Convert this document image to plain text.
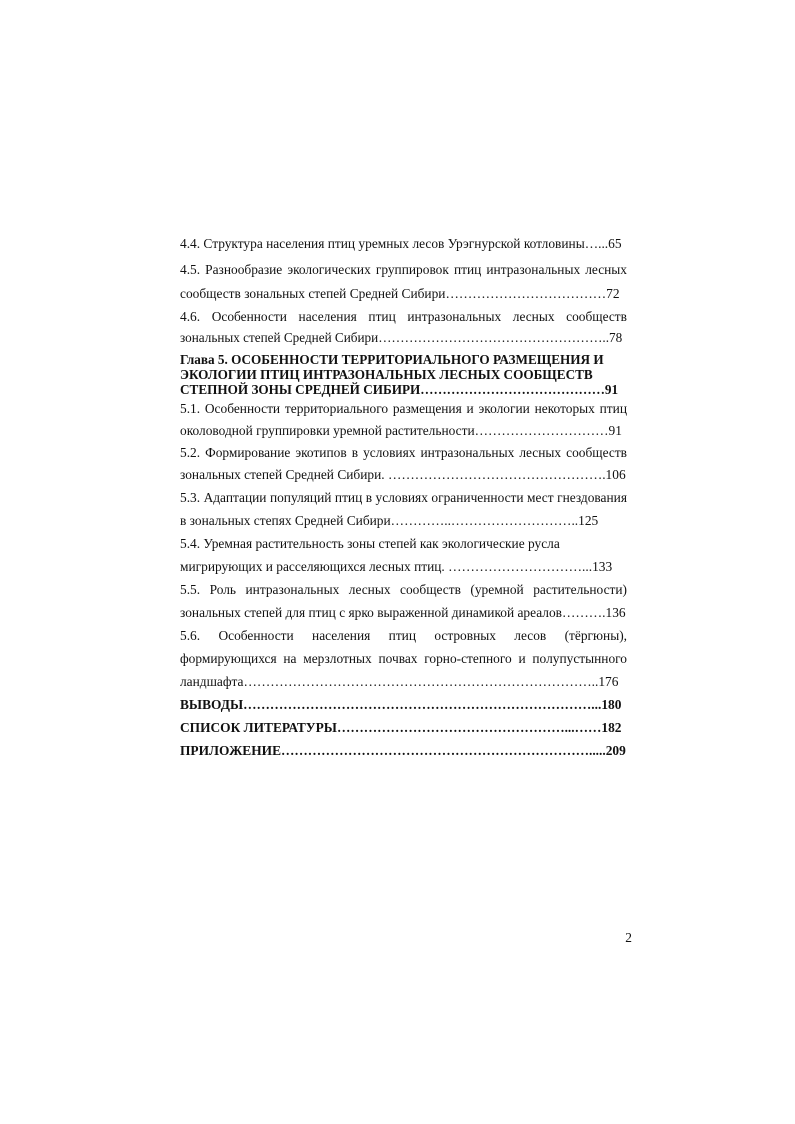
4.4. Структура населения птиц уремных лесов Урэгнурской котловины…...65
4.5. Разнообразие экологических группировок птиц интразональных лесных
сообществ зональных степей Средней Сибири………………………………72
4.6. Особенности населения птиц интразональных лесных сообществ
зональных степей Средней Сибири……………………………………………..78
Глава 5. ОСОБЕННОСТИ ТЕРРИТОРИАЛЬНОГО РАЗМЕЩЕНИЯ И
ЭКОЛОГИИ ПТИЦ ИНТРАЗОНАЛЬНЫХ ЛЕСНЫХ СООБЩЕСТВ
СТЕПНОЙ ЗОНЫ СРЕДНЕЙ СИБИРИ……………………………………91
5.1. Особенности территориального размещения и экологии некоторых птиц
околоводной группировки уремной растительности…………………………91
5.2. Формирование экотипов в условиях интразональных лесных сообществ
зональных степей Средней Сибири. ………………………………………….106
5.3. Адаптации популяций птиц в условиях ограниченности мест гнездования
в зональных степях Средней Сибири…………..………………………..125
5.4. Уремная растительность зоны степей как экологические русла
мигрирующих и расселяющихся лесных птиц. …………………………...133
5.5. Роль интразональных лесных сообществ (уремной растительности)
зональных степей для птиц с ярко выраженной динамикой ареалов……….136
5.6. Особенности населения птиц островных лесов (тёргюны),
формирующихся на мерзлотных почвах горно-степного и полупустынного
ландшафта……………………………………………………………………..176
ВЫВОДЫ……………………………………………………………………...180
СПИСОК ЛИТЕРАТУРЫ……………………………………………...……182
ПРИЛОЖЕНИЕ…………………………………………………………….....209
2
